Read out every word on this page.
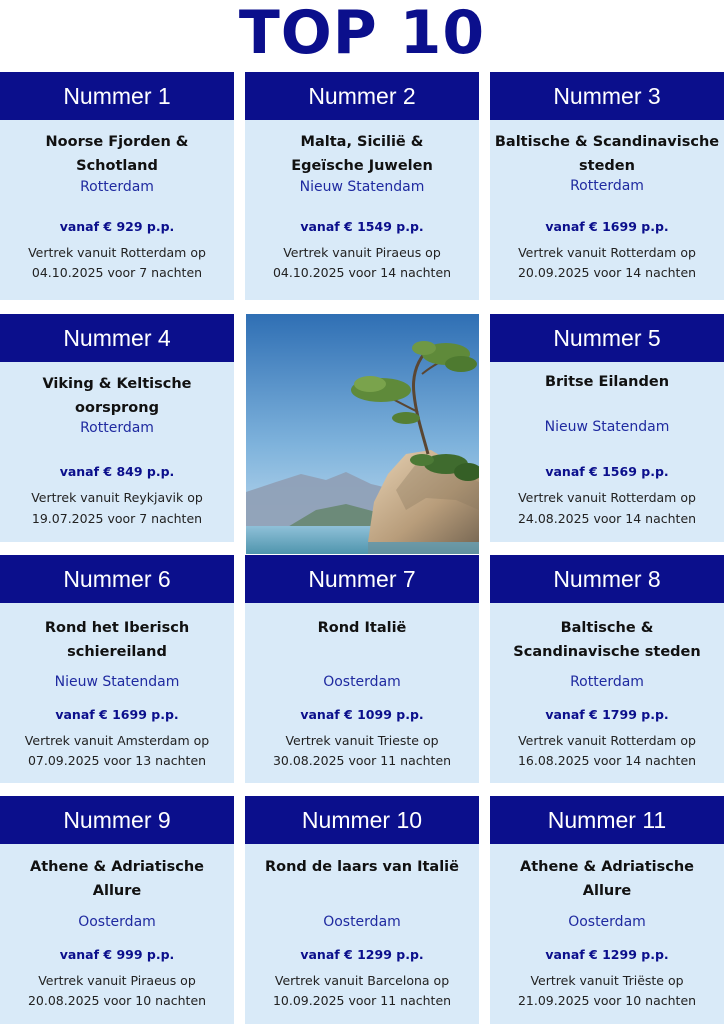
TOP 10
Nummer 1
Noorse Fjorden &
Schotland
Rotterdam
vanaf € 929 p.p.
Vertrek vanuit Rotterdam op
04.10.2025 voor 7 nachten
Nummer 2
Malta, Sicilië &
Egeïsche Juwelen
Nieuw Statendam
vanaf € 1549 p.p.
Vertrek vanuit Piraeus op
04.10.2025 voor 14 nachten
Nummer 3
Baltische & Scandinavische
steden
Rotterdam
vanaf € 1699 p.p.
Vertrek vanuit Rotterdam op
20.09.2025 voor 14 nachten
Nummer 4
Viking & Keltische
oorsprong
Rotterdam
vanaf € 849 p.p.
Vertrek vanuit Reykjavik op
19.07.2025 voor 7 nachten
Nummer 5
Britse Eilanden
Nieuw Statendam
vanaf € 1569 p.p.
Vertrek vanuit Rotterdam op
24.08.2025 voor 14 nachten
Nummer 6
Rond het Iberisch
schiereiland
Nieuw Statendam
vanaf € 1699 p.p.
Vertrek vanuit Amsterdam op
07.09.2025 voor 13 nachten
Nummer 7
Rond Italië
Oosterdam
vanaf € 1099 p.p.
Vertrek vanuit Trieste op
30.08.2025 voor 11 nachten
Nummer 8
Baltische &
Scandinavische steden
Rotterdam
vanaf € 1799 p.p.
Vertrek vanuit Rotterdam op
16.08.2025 voor 14 nachten
Nummer 9
Athene & Adriatische
Allure
Oosterdam
vanaf € 999 p.p.
Vertrek vanuit Piraeus op
20.08.2025 voor 10 nachten
Nummer 10
Rond de laars van Italië
Oosterdam
vanaf € 1299 p.p.
Vertrek vanuit Barcelona op
10.09.2025 voor 11 nachten
Nummer 11
Athene & Adriatische
Allure
Oosterdam
vanaf € 1299 p.p.
Vertrek vanuit Triëste op
21.09.2025 voor 10 nachten
